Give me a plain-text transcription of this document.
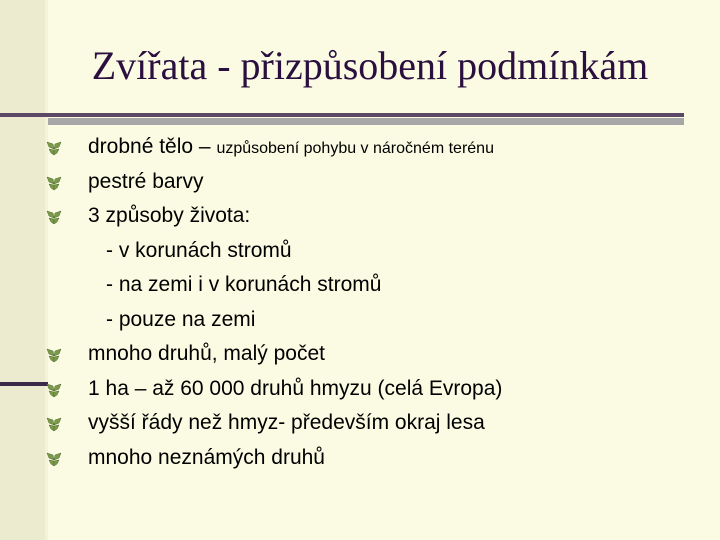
Zvířata - přizpůsobení podmínkám
drobné tělo – uzpůsobení pohybu v náročném terénu
pestré barvy
3 způsoby života:
- v korunách stromů
- na zemi i v korunách stromů
- pouze na zemi
mnoho druhů, malý počet
1 ha – až 60 000 druhů hmyzu (celá Evropa)
vyšší řády než hmyz- především okraj lesa
mnoho neznámých druhů
